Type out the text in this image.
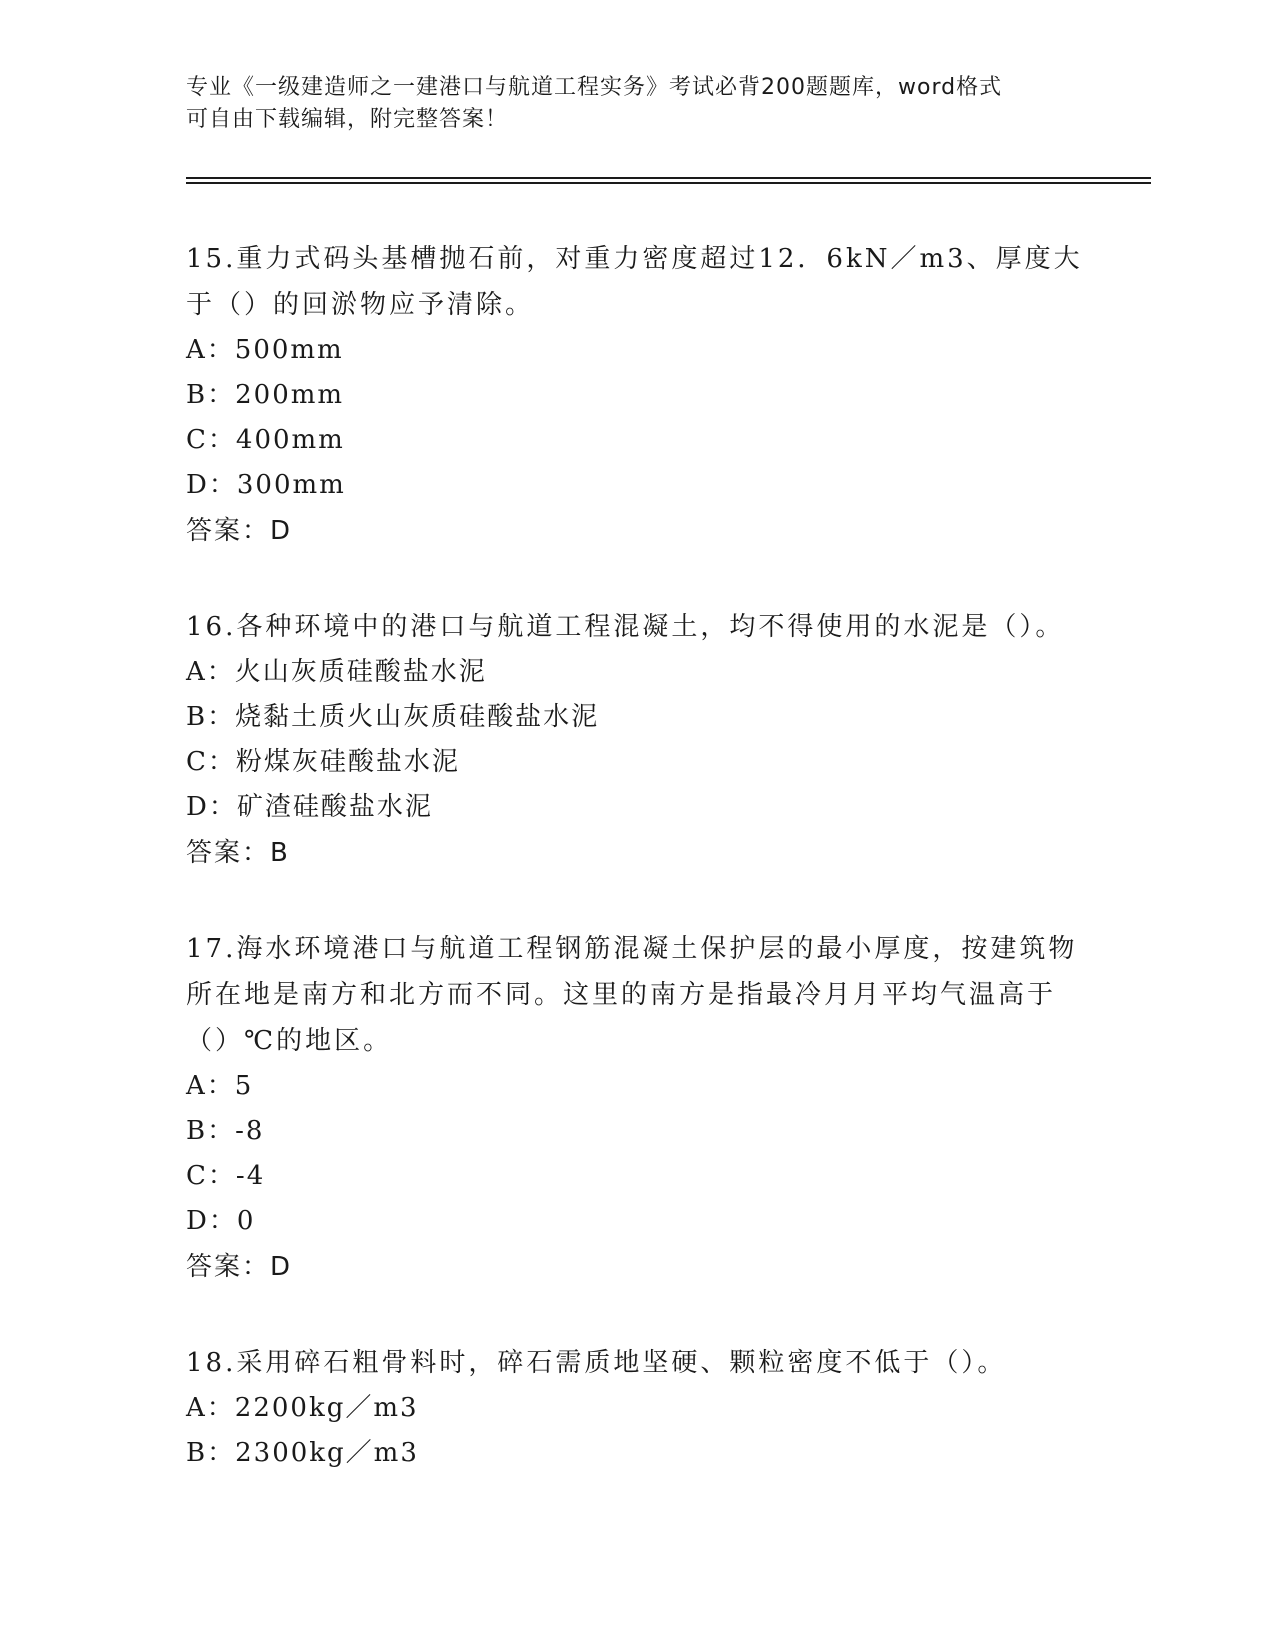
专业《一级建造师之一建港口与航道工程实务》考试必背200题题库，word格式
可自由下载编辑，附完整答案！

15.重力式码头基槽抛石前，对重力密度超过12．6kN／m3、厚度大于（）的回淤物应予清除。

A：500mm

B：200mm

C：400mm

D：300mm

答案：D

16.各种环境中的港口与航道工程混凝土，均不得使用的水泥是（）。

A：火山灰质硅酸盐水泥

B：烧黏土质火山灰质硅酸盐水泥

C：粉煤灰硅酸盐水泥

D：矿渣硅酸盐水泥

答案：B

17.海水环境港口与航道工程钢筋混凝土保护层的最小厚度，按建筑物所在地是南方和北方而不同。这里的南方是指最冷月月平均气温高于（）℃的地区。

A：5

B：-8

C：-4

D：0

答案：D

18.采用碎石粗骨料时，碎石需质地坚硬、颗粒密度不低于（）。

A：2200kg／m3

B：2300kg／m3
